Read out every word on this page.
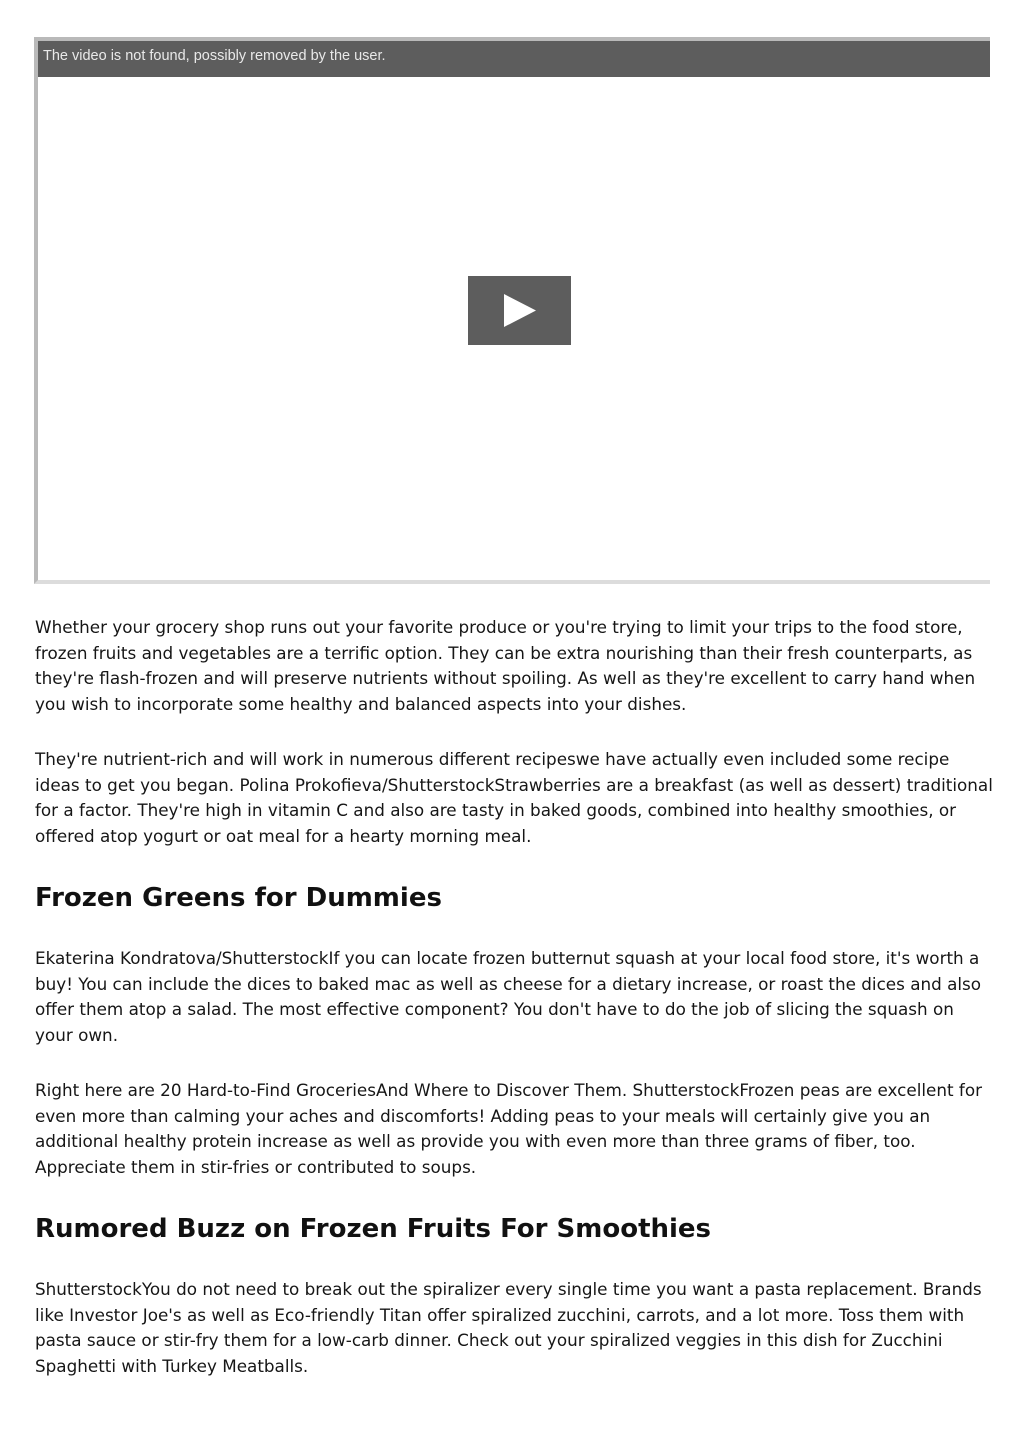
The video is not found, possibly removed by the user.

Whether your grocery shop runs out your favorite produce or you're trying to limit your trips to the food store, frozen fruits and vegetables are a terrific option. They can be extra nourishing than their fresh counterparts, as they're flash-frozen and will preserve nutrients without spoiling. As well as they're excellent to carry hand when you wish to incorporate some healthy and balanced aspects into your dishes.

They're nutrient-rich and will work in numerous different recipeswe have actually even included some recipe ideas to get you began. Polina Prokofieva/ShutterstockStrawberries are a breakfast (as well as dessert) traditional for a factor. They're high in vitamin C and also are tasty in baked goods, combined into healthy smoothies, or offered atop yogurt or oat meal for a hearty morning meal.

Frozen Greens for Dummies

Ekaterina Kondratova/ShutterstockIf you can locate frozen butternut squash at your local food store, it's worth a buy! You can include the dices to baked mac as well as cheese for a dietary increase, or roast the dices and also offer them atop a salad. The most effective component? You don't have to do the job of slicing the squash on your own.

Right here are 20 Hard-to-Find GroceriesAnd Where to Discover Them. ShutterstockFrozen peas are excellent for even more than calming your aches and discomforts! Adding peas to your meals will certainly give you an additional healthy protein increase as well as provide you with even more than three grams of fiber, too. Appreciate them in stir-fries or contributed to soups.

Rumored Buzz on Frozen Fruits For Smoothies

ShutterstockYou do not need to break out the spiralizer every single time you want a pasta replacement. Brands like Investor Joe's as well as Eco-friendly Titan offer spiralized zucchini, carrots, and a lot more. Toss them with pasta sauce or stir-fry them for a low-carb dinner. Check out your spiralized veggies in this dish for Zucchini Spaghetti with Turkey Meatballs.
